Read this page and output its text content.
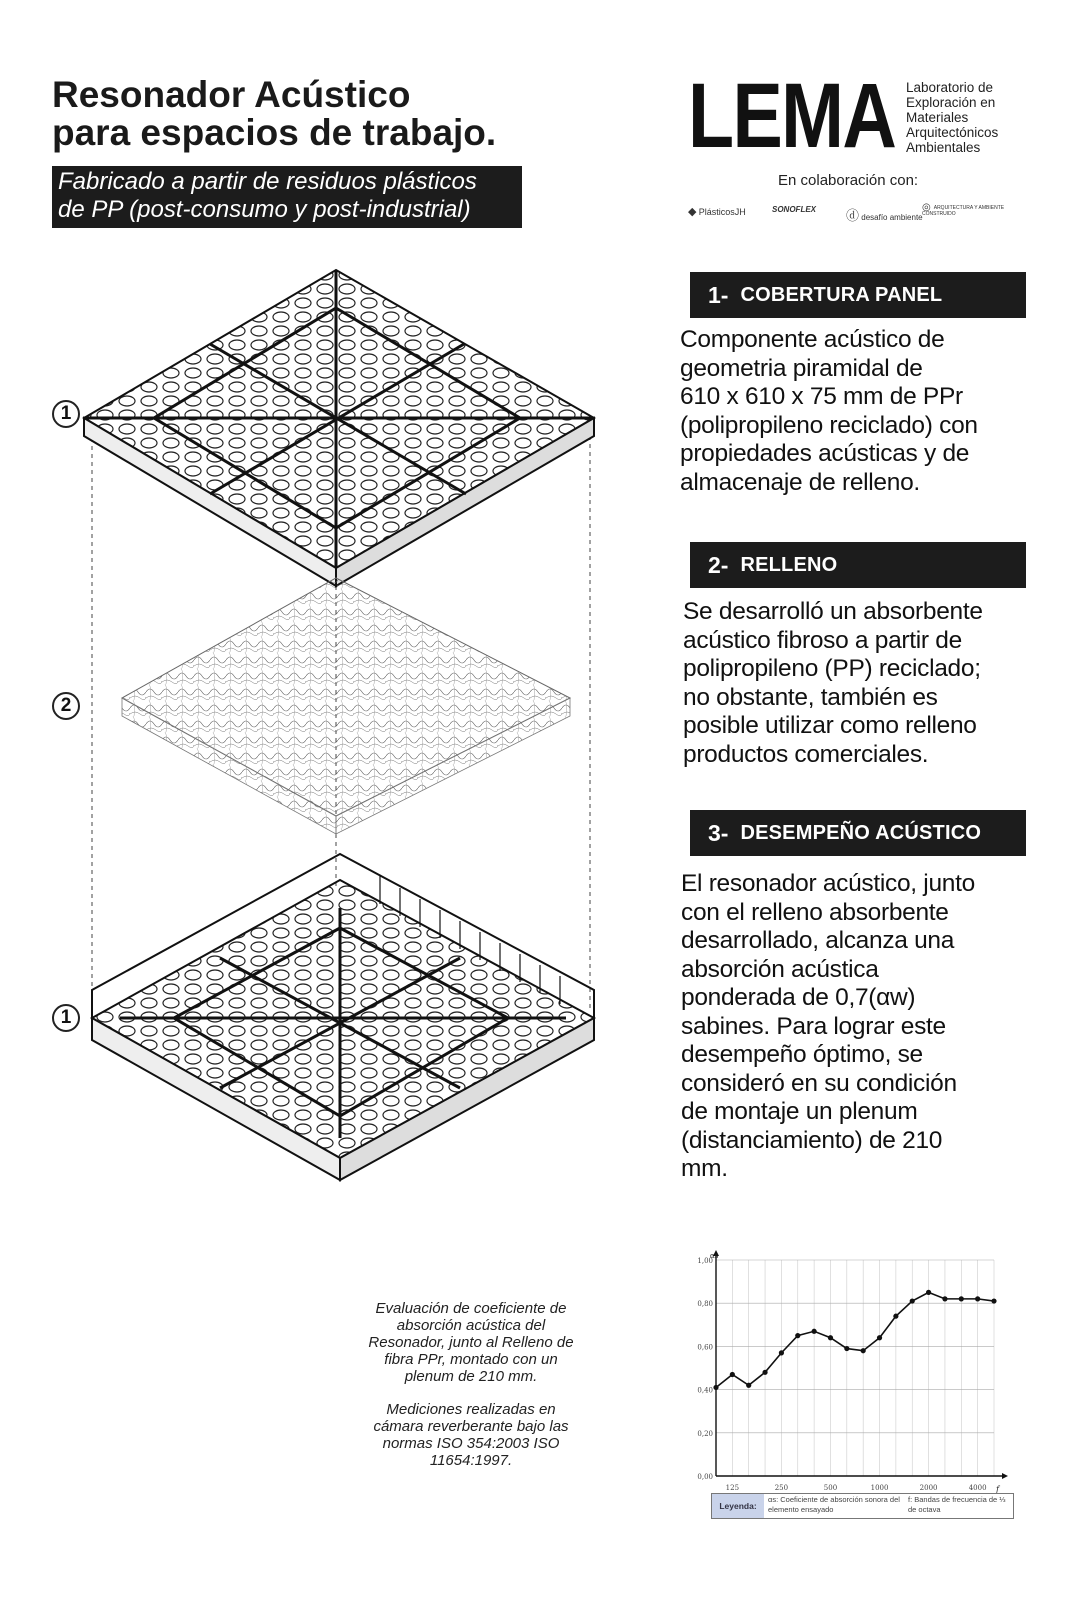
Resonador Acústico
para espacios de trabajo.
Fabricado a partir de residuos plásticos
de PP (post-consumo y post-industrial)
LEMA Laboratorio de
Exploración en
Materiales
Arquitectónicos
Ambientales
En colaboración con:
◆ PlásticosJH	SONOFLEX ⓓ desafío ambiente
◎ ARQUITECTURA Y AMBIENTE CONSTRUIDO
1- COBERTURA PANEL
Componente acústico de
geometria piramidal de
610 x 610 x 75 mm de PPr
(polipropileno reciclado) con
propiedades acústicas y de
almacenaje de relleno.
2- RELLENO
Se desarrolló un absorbente
acústico fibroso a partir de
polipropileno (PP) reciclado;
no obstante, también es
posible utilizar como relleno
productos comerciales.
3- DESEMPEÑO ACÚSTICO
El resonador acústico, junto
con el relleno absorbente
desarrollado, alcanza una
absorción acústica
ponderada de 0,7(αw)
sabines. Para lograr este
desempeño óptimo, se
consideró en su condición
de montaje un plenum
(distanciamiento) de 210
mm.
1
2
1

Evaluación de coeficiente de
absorción acústica del
Resonador, junto al Relleno de
fibra PPr, montado con un
plenum de 210 mm.

Mediciones realizadas en
cámara reverberante bajo las
normas ISO 354:2003 ISO
11654:1997.

0,00
0,20
0,40
0,60
0,80
1,00
αs
f
125	250	500	1000	2000	4000
Leyenda:
αs: Coeficiente de absorción sonora del elemento ensayado
f: Bandas de frecuencia de ⅓ de octava
